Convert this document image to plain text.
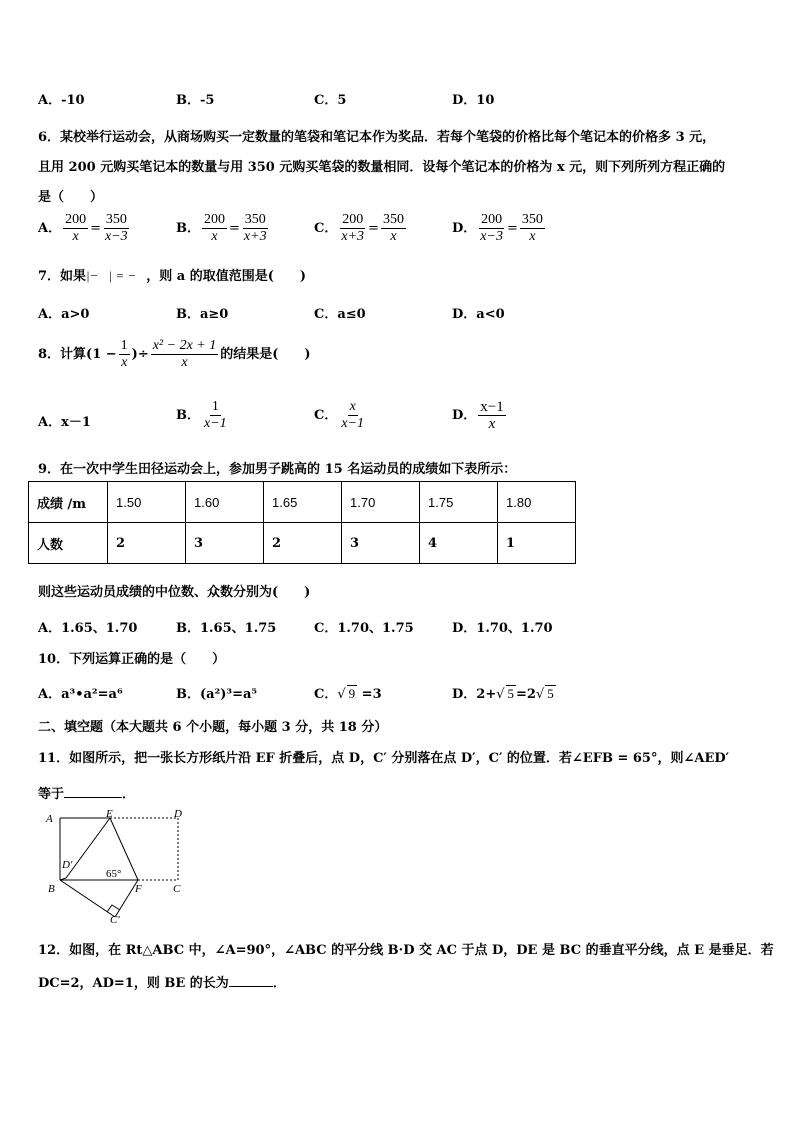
A．-10	B．-5	C．5	D．10
6．某校举行运动会，从商场购买一定数量的笔袋和笔记本作为奖品．若每个笔袋的价格比每个笔记本的价格多 3 元，
且用 200 元购买笔记本的数量与用 350 元购买笔袋的数量相同．设每个笔记本的价格为 x 元，则下列所列方程正确的
是（　　）
A． $\frac{200}{x} = \frac{350}{x-3}$	B． $\frac{200}{x} = \frac{350}{x+3}$	C． $\frac{200}{x+3} = \frac{350}{x}$	D． $\frac{200}{x-3} = \frac{350}{x}$
7．如果|−⃞| = −⃞，则 a 的取值范围是(　　)
A．a>0	B．a≥0	C．a≤0	D．a<0
8．计算($1 - \frac{1}{x}$ )÷ $\frac{\text{x² − 2x + 1}}{x}$ 的结果是(　　)
A．x－1	B． $\frac{1}{x-1}$	C． $\frac{x}{x-1}$	D． $\frac{x-1}{x}$
9．在一次中学生田径运动会上，参加男子跳高的 15 名运动员的成绩如下表所示：
成绩 /m	1.50	1.60	1.65	1.70	1.75	1.80
人数	2	3	2	3	4	1
则这些运动员成绩的中位数、众数分别为(　　)
A．1.65、1.70	B．1.65、1.75	C．1.70、1.75	D．1.70、1.70
10．下列运算正确的是（　　）
A．a³•a²=a⁶	B．(a²)³=a⁵	C．√ 9 =3	D．2+√ 5 =2√ 5
二、填空题（本大题共 6 个小题，每小题 3 分，共 18 分）
11．如图所示，把一张长方形纸片沿 EF 折叠后，点 D，C′ 分别落在点 D′，C′ 的位置．若∠EFB = 65°，则∠AED′
等于	．
A	E	D
D′
B	F	C
C′
65°
12．如图，在 Rt△ABC 中，∠A=90°，∠ABC 的平分线 B·D 交 AC 于点 D，DE 是 BC 的垂直平分线，点 E 是垂足．若
DC=2，AD=1，则 BE 的长为	．
